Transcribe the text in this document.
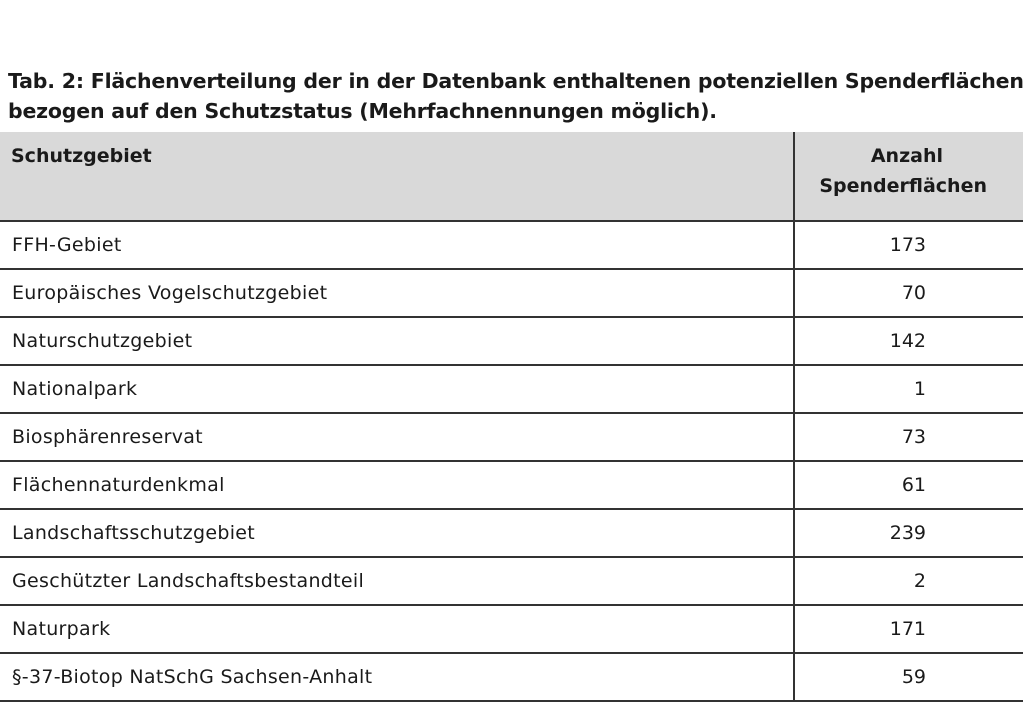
Tab. 2: Flächenverteilung der in der Datenbank enthaltenen potenziellen Spenderflächen
bezogen auf den Schutzstatus (Mehrfachnennungen möglich).
Schutzgebiet	Anzahl
Spenderflächen

FFH-Gebiet	173
Europäisches Vogelschutzgebiet	70
Naturschutzgebiet	142
Nationalpark	1
Biosphärenreservat	73
Flächennaturdenkmal	61
Landschaftsschutzgebiet	239
Geschützter Landschaftsbestandteil	2
Naturpark	171
§-37-Biotop NatSchG Sachsen-Anhalt	59
